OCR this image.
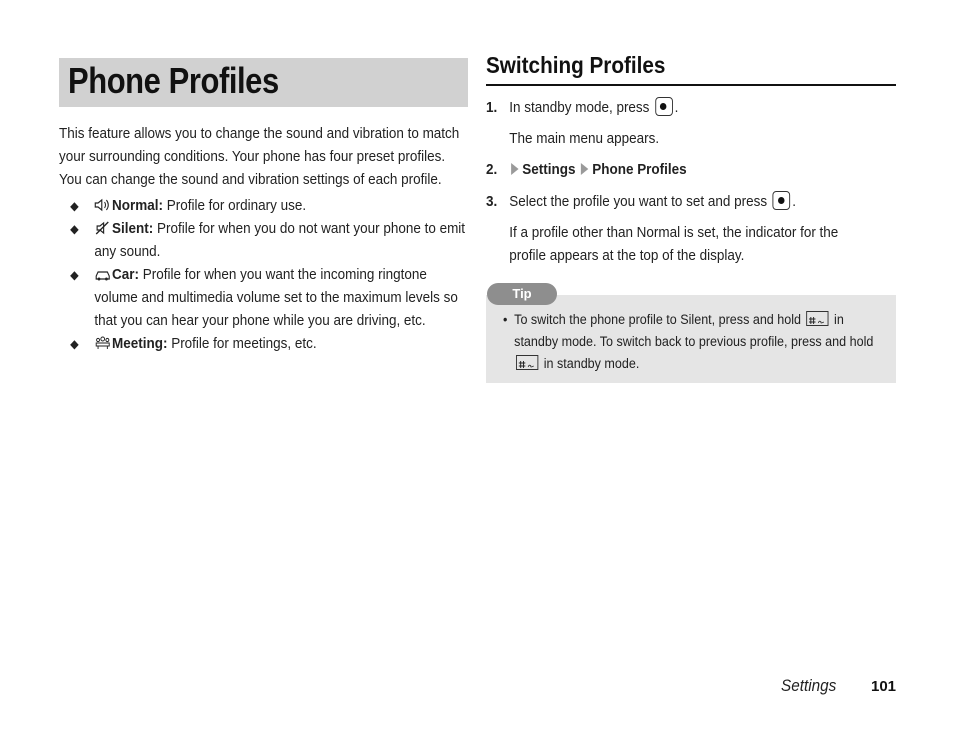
Phone Profiles
This feature allows you to change the sound and vibration to match your surrounding conditions. Your phone has four preset profiles. You can change the sound and vibration settings of each profile.
◆ Normal: Profile for ordinary use.
◆ Silent: Profile for when you do not want your phone to emit any sound.
◆ Car: Profile for when you want the incoming ringtone volume and multimedia volume set to the maximum levels so that you can hear your phone while you are driving, etc.
◆ Meeting: Profile for meetings, etc.
Switching Profiles
1. In standby mode, press .
The main menu appears.
2.	Settings Phone Profiles
3. Select the profile you want to set and press .
If a profile other than Normal is set, the indicator for the profile appears at the top of the display.
Tip
• To switch the phone profile to Silent, press and hold in standby mode. To switch back to previous profile, press and hold  in standby mode.
Settings 101
